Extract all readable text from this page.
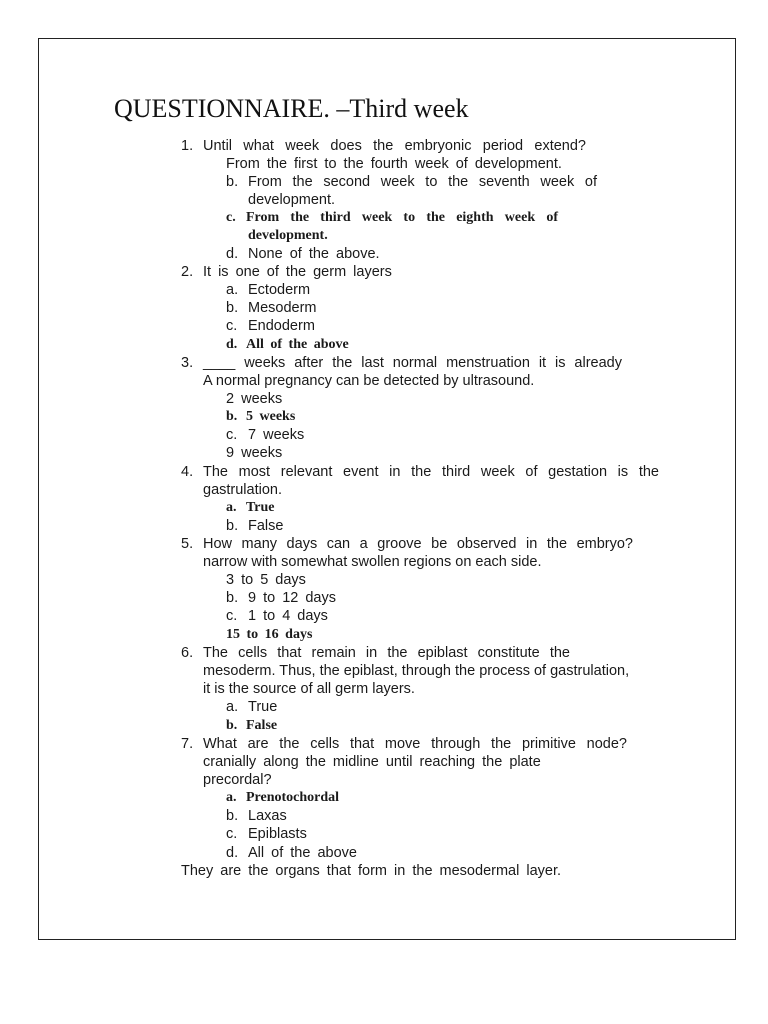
QUESTIONNAIRE. –Third week
1. Until what week does the embryonic period extend?
From the first to the fourth week of development.
b. From the second week to the seventh week of
development.
c. From the third week to the eighth week of
development.
d. None of the above.
2. It is one of the germ layers
a. Ectoderm
b. Mesoderm
c. Endoderm
d. All of the above
3. ____ weeks after the last normal menstruation it is already
A normal pregnancy can be detected by ultrasound.
2 weeks
b. 5 weeks
c. 7 weeks
9 weeks
4. The most relevant event in the third week of gestation is the
gastrulation.
a. True
b. False
5. How many days can a groove be observed in the embryo?
narrow with somewhat swollen regions on each side.
3 to 5 days
b. 9 to 12 days
c. 1 to 4 days
15 to 16 days
6. The cells that remain in the epiblast constitute the
mesoderm. Thus, the epiblast, through the process of gastrulation,
it is the source of all germ layers.
a. True
b. False
7. What are the cells that move through the primitive node?
cranially along the midline until reaching the plate
precordal?
a. Prenotochordal
b. Laxas
c. Epiblasts
d. All of the above
They are the organs that form in the mesodermal layer.
